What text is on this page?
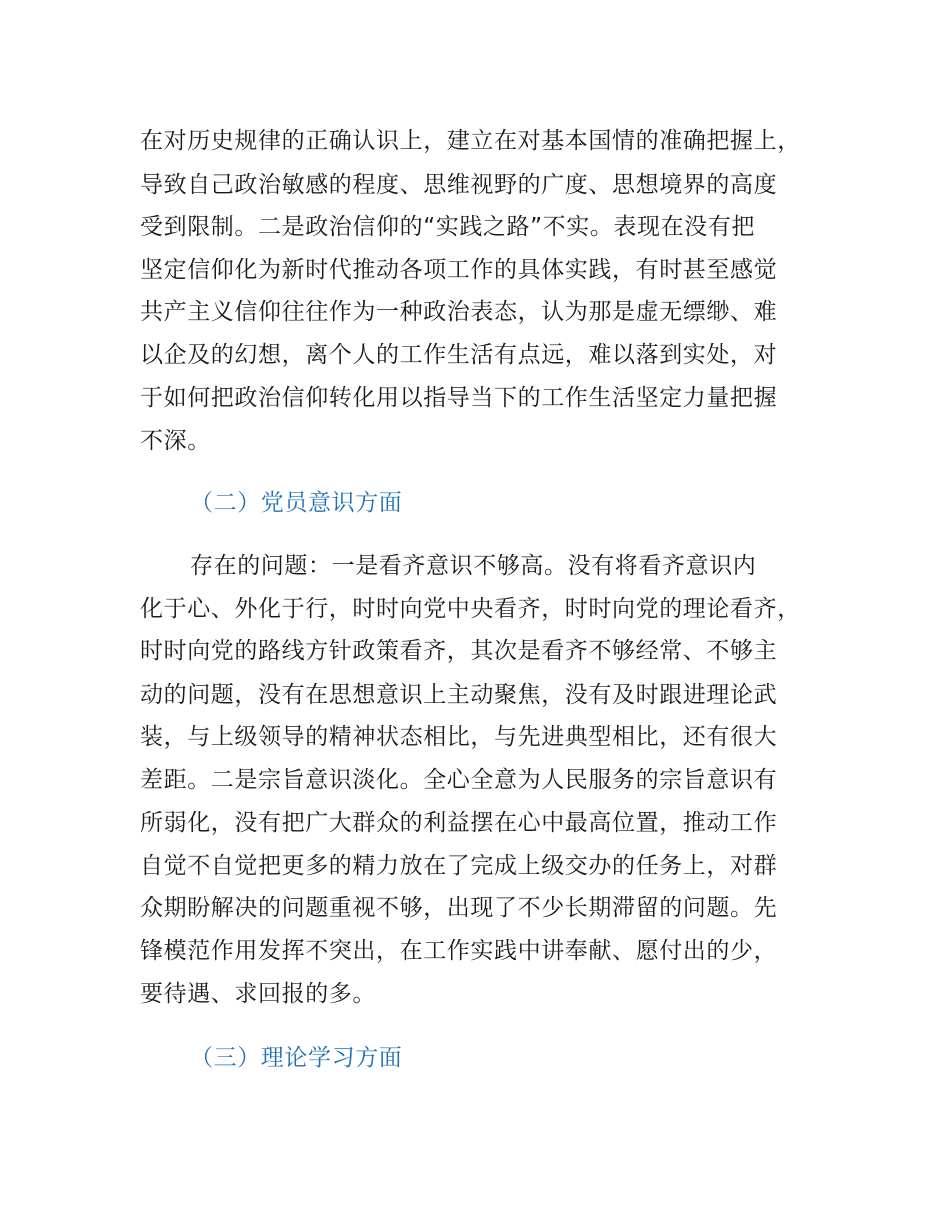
在对历史规律的正确认识上，建立在对基本国情的准确把握上，
导致自己政治敏感的程度、思维视野的广度、思想境界的高度
受到限制。二是政治信仰的“实践之路”不实。表现在没有把
坚定信仰化为新时代推动各项工作的具体实践，有时甚至感觉
共产主义信仰往往作为一种政治表态，认为那是虚无缥缈、难
以企及的幻想，离个人的工作生活有点远，难以落到实处，对
于如何把政治信仰转化用以指导当下的工作生活坚定力量把握
不深。
（二）党员意识方面
存在的问题：一是看齐意识不够高。没有将看齐意识内
化于心、外化于行，时时向党中央看齐，时时向党的理论看齐，
时时向党的路线方针政策看齐，其次是看齐不够经常、不够主
动的问题，没有在思想意识上主动聚焦，没有及时跟进理论武
装，与上级领导的精神状态相比，与先进典型相比，还有很大
差距。二是宗旨意识淡化。全心全意为人民服务的宗旨意识有
所弱化，没有把广大群众的利益摆在心中最高位置，推动工作
自觉不自觉把更多的精力放在了完成上级交办的任务上，对群
众期盼解决的问题重视不够，出现了不少长期滞留的问题。先
锋模范作用发挥不突出，在工作实践中讲奉献、愿付出的少，
要待遇、求回报的多。
（三）理论学习方面
